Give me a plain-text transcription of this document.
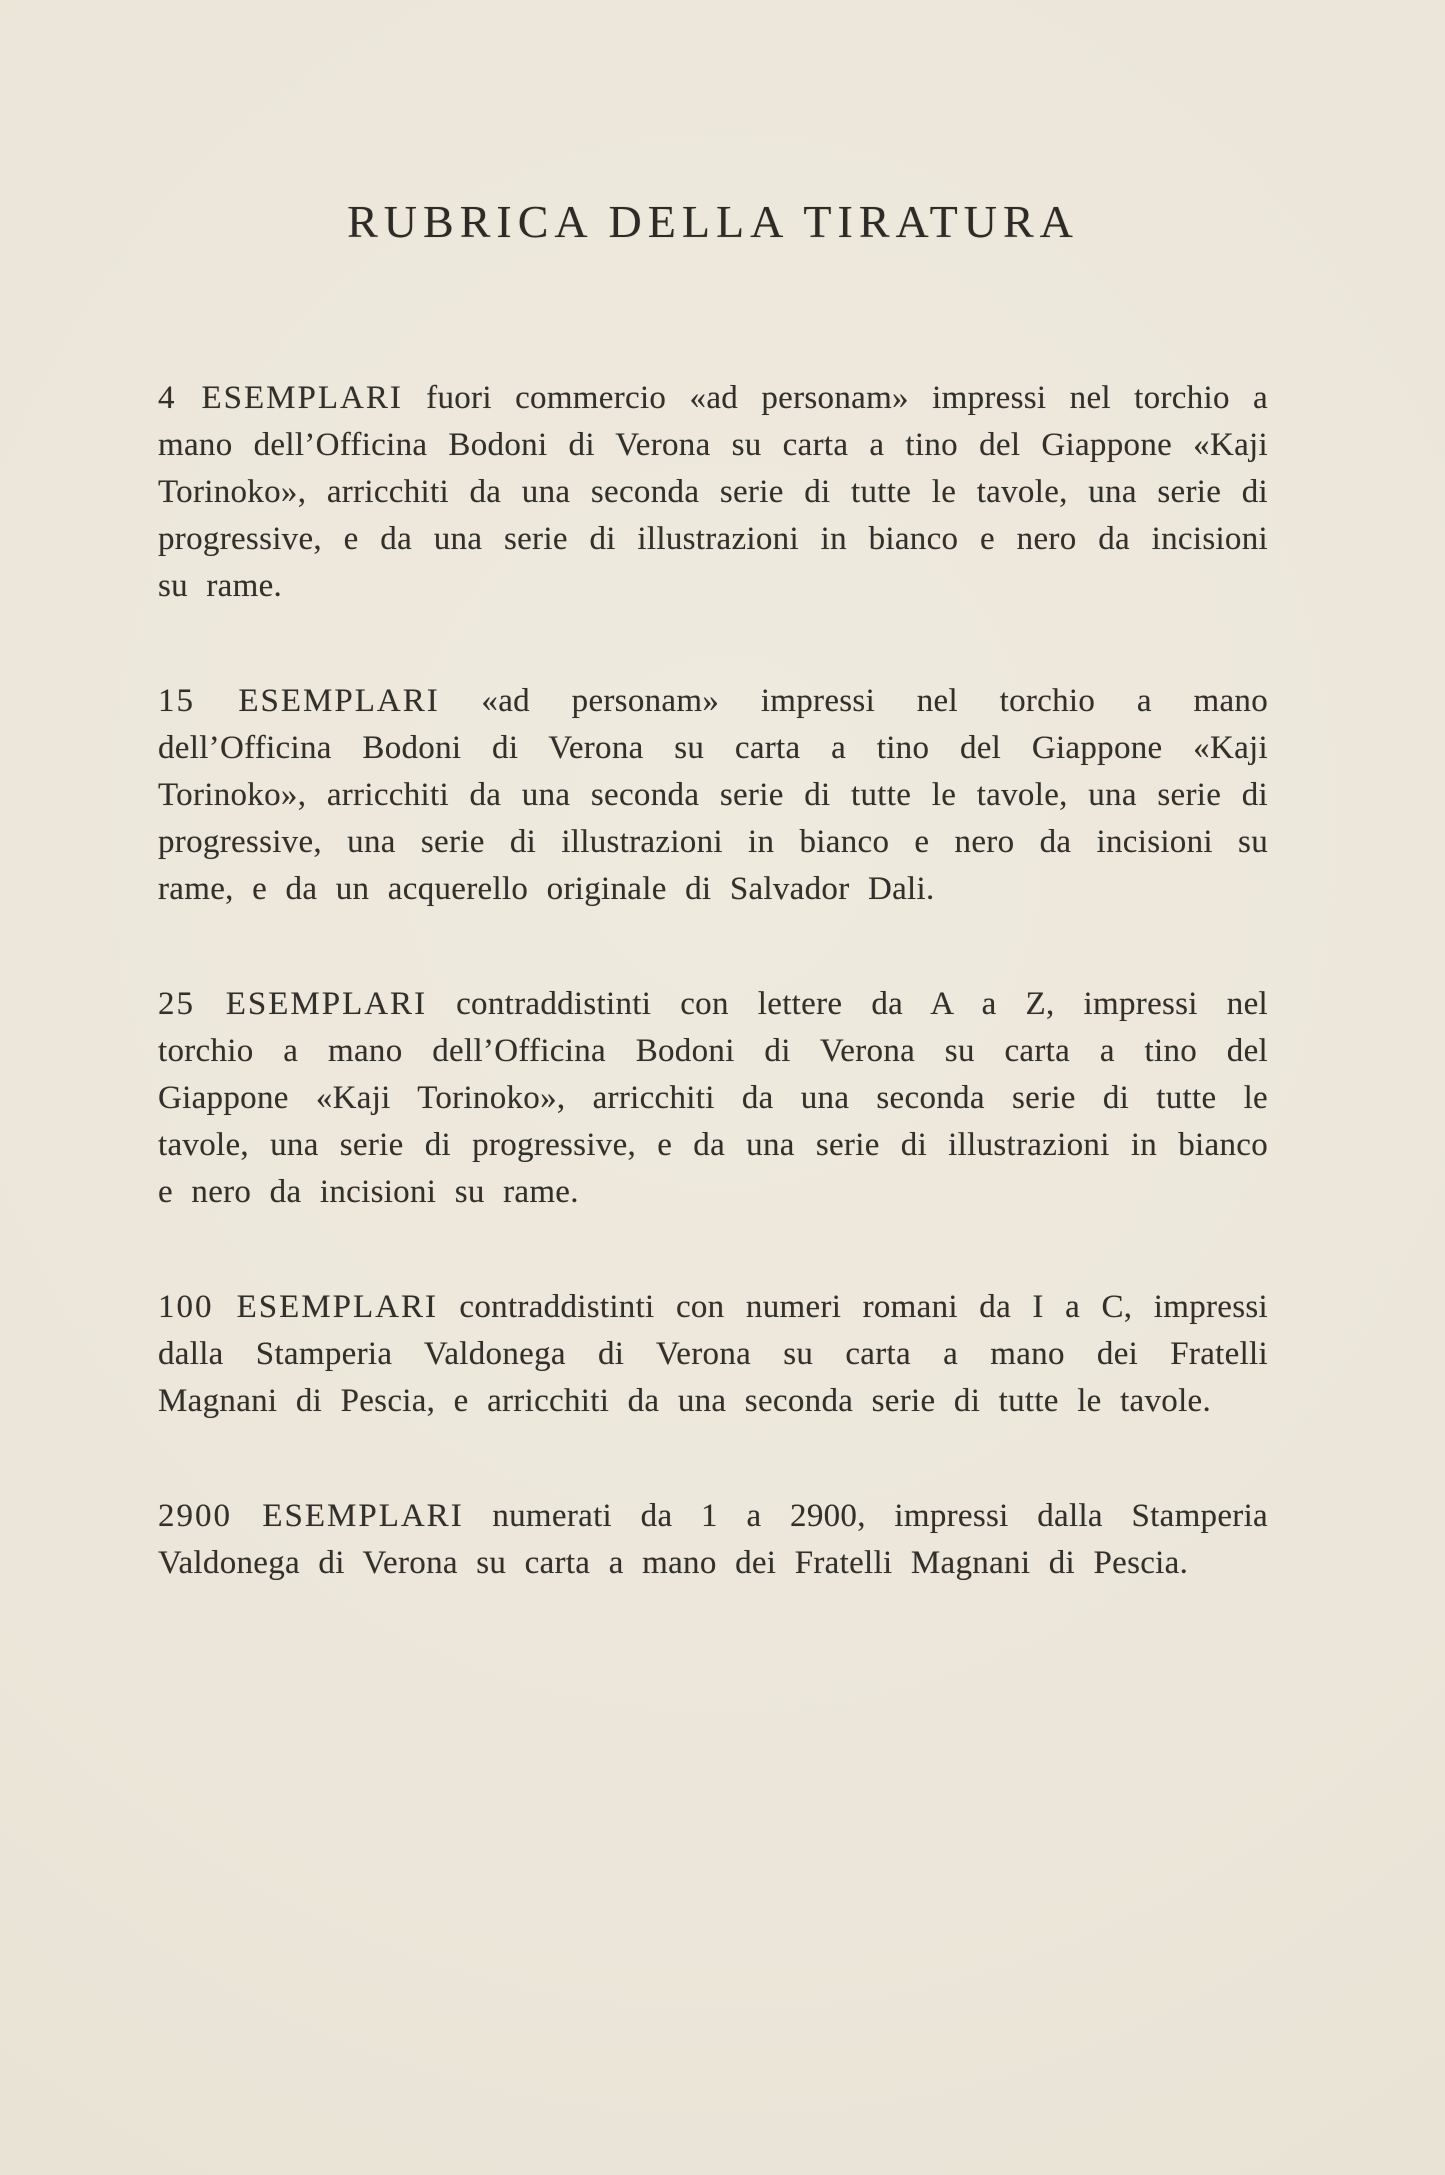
RUBRICA DELLA TIRATURA

4 ESEMPLARI fuori commercio «ad personam» impressi nel torchio a mano dell’Officina Bodoni di Verona su carta a tino del Giappone «Kaji Torinoko», arricchiti da una seconda serie di tutte le tavole, una serie di progressive, e da una serie di illustrazioni in bianco e nero da incisioni su rame.

15 ESEMPLARI «ad personam» impressi nel torchio a mano dell’Officina Bodoni di Verona su carta a tino del Giappone «Kaji Torinoko», arricchiti da una seconda serie di tutte le tavole, una serie di progressive, una serie di illustrazioni in bianco e nero da incisioni su rame, e da un acquerello originale di Salvador Dali.

25 ESEMPLARI contraddistinti con lettere da A a Z, impressi nel torchio a mano dell’Officina Bodoni di Verona su carta a tino del Giappone «Kaji Torinoko», arricchiti da una seconda serie di tutte le tavole, una serie di progressive, e da una serie di illustrazioni in bianco e nero da incisioni su rame.

100 ESEMPLARI contraddistinti con numeri romani da I a C, impressi dalla Stamperia Valdonega di Verona su carta a mano dei Fratelli Magnani di Pescia, e arricchiti da una seconda serie di tutte le tavole.

2900 ESEMPLARI numerati da 1 a 2900, impressi dalla Stamperia Valdonega di Verona su carta a mano dei Fratelli Magnani di Pescia.
